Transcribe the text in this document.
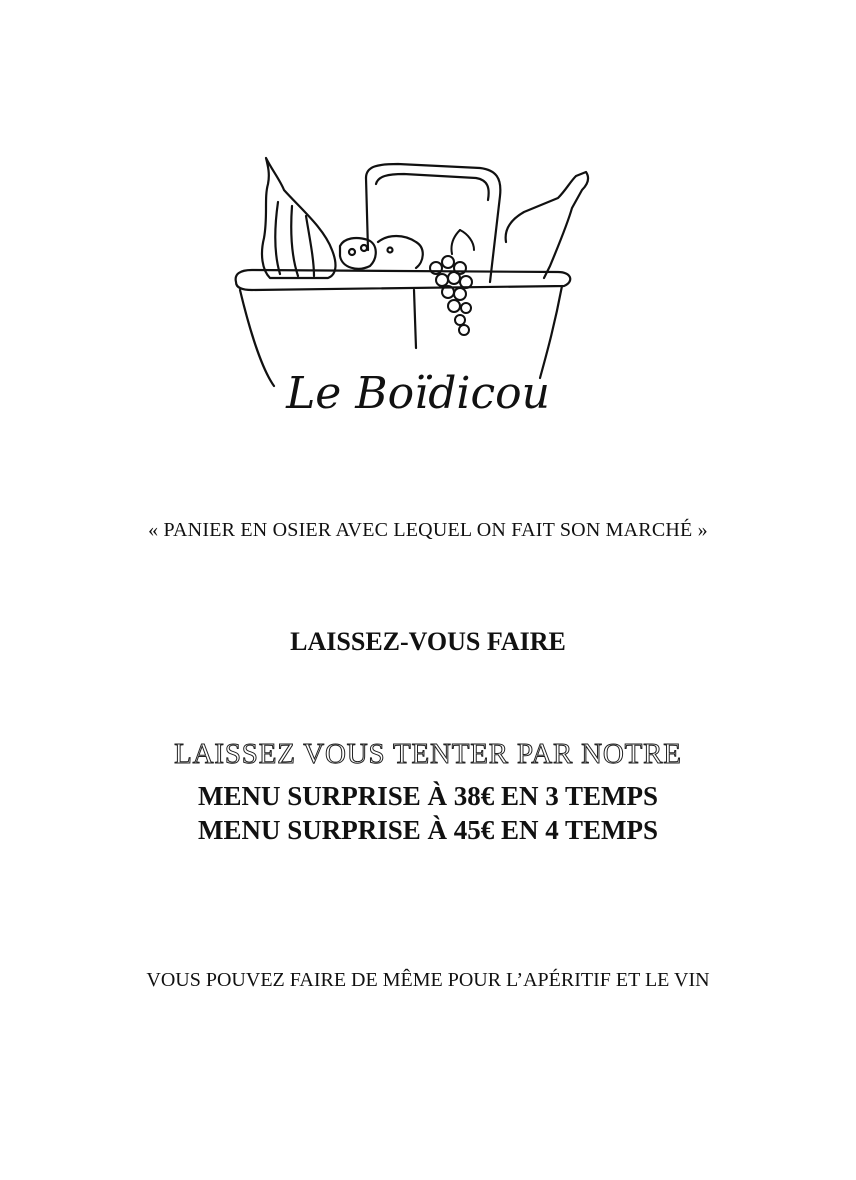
Le Boïdicou
« PANIER EN OSIER AVEC LEQUEL ON FAIT SON MARCHÉ »
LAISSEZ-VOUS FAIRE
LAISSEZ VOUS TENTER PAR NOTRE
MENU SURPRISE À 38€ EN 3 TEMPS
MENU SURPRISE À 45€ EN 4 TEMPS
VOUS POUVEZ FAIRE DE MÊME POUR L’APÉRITIF ET LE VIN
